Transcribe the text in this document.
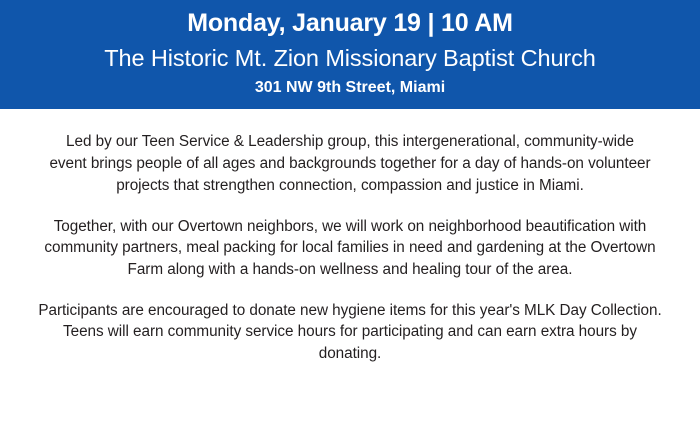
Monday, January 19 | 10 AM
The Historic Mt. Zion Missionary Baptist Church
301 NW 9th Street, Miami

Led by our Teen Service & Leadership group, this intergenerational, community-wide event brings people of all ages and backgrounds together for a day of hands-on volunteer projects that strengthen connection, compassion and justice in Miami.

Together, with our Overtown neighbors, we will work on neighborhood beautification with community partners, meal packing for local families in need and gardening at the Overtown Farm along with a hands-on wellness and healing tour of the area.

Participants are encouraged to donate new hygiene items for this year's MLK Day Collection. Teens will earn community service hours for participating and can earn extra hours by donating.
